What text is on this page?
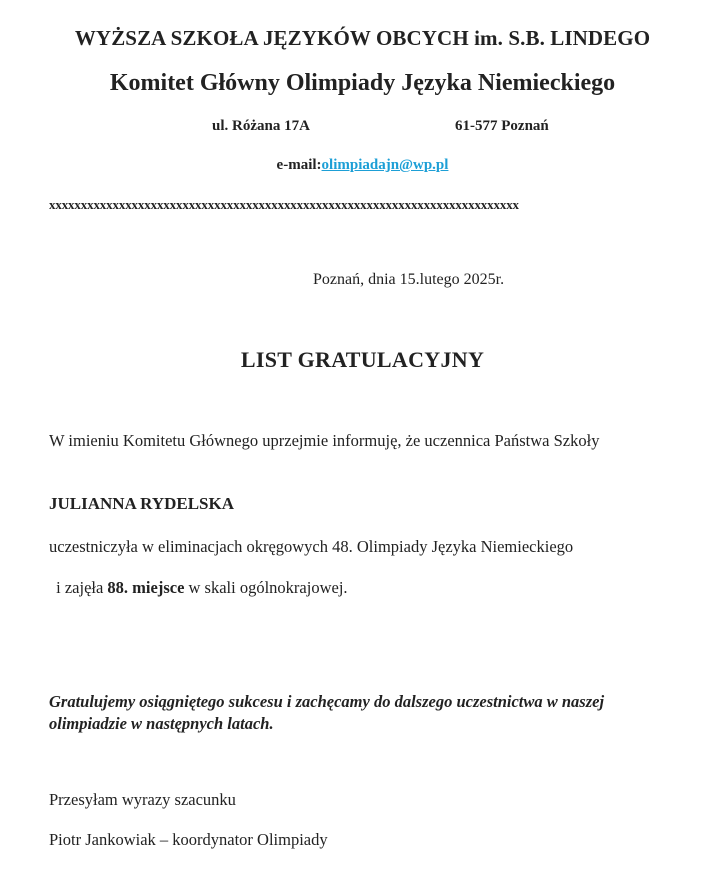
WYŻSZA SZKOŁA JĘZYKÓW OBCYCH im. S.B. LINDEGO
Komitet Główny Olimpiady Języka Niemieckiego
ul. Różana 17A	61-577 Poznań
e-mail:olimpiadajn@wp.pl
xxxxxxxxxxxxxxxxxxxxxxxxxxxxxxxxxxxxxxxxxxxxxxxxxxxxxxxxxxxxxxxxxxxxxxxxxx
Poznań, dnia 15.lutego 2025r.
LIST GRATULACYJNY
W imieniu Komitetu Głównego uprzejmie informuję, że uczennica Państwa Szkoły
JULIANNA RYDELSKA
uczestniczyła w eliminacjach okręgowych 48. Olimpiady Języka Niemieckiego
i zajęła 88. miejsce w skali ogólnokrajowej.
Gratulujemy osiągniętego sukcesu i zachęcamy do dalszego uczestnictwa w naszej olimpiadzie w następnych latach.
Przesyłam wyrazy szacunku
Piotr Jankowiak – koordynator Olimpiady
